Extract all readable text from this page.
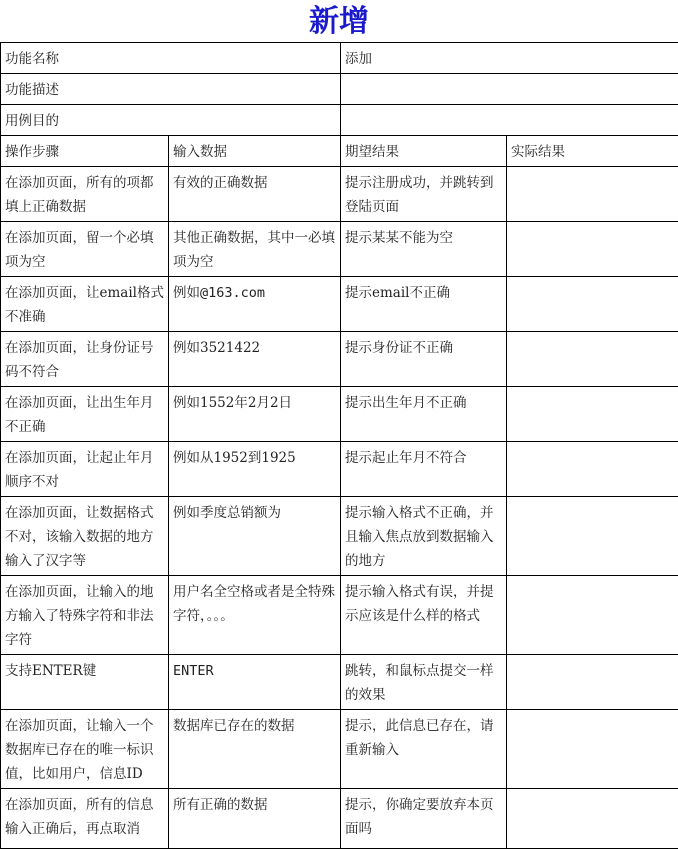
新增
功能名称		添加	
功能描述			
用例目的			
操作步骤	输入数据	期望结果	实际结果
在添加页面，所有的项都填上正确数据	有效的正确数据	提示注册成功，并跳转到登陆页面	
在添加页面，留一个必填项为空	其他正确数据，其中一必填项为空	提示某某不能为空	
在添加页面，让email格式不准确	例如@163.com	提示email不正确	
在添加页面，让身份证号码不符合	例如3521422	提示身份证不正确	
在添加页面，让出生年月不正确	例如1552年2月2日	提示出生年月不正确	
在添加页面，让起止年月顺序不对	例如从1952到1925	提示起止年月不符合	
在添加页面，让数据格式不对，该输入数据的地方输入了汉字等	例如季度总销额为	提示输入格式不正确，并且输入焦点放到数据输入的地方	
在添加页面，让输入的地方输入了特殊字符和非法字符	用户名全空格或者是全特殊字符，。。。	提示输入格式有误，并提示应该是什么样的格式	
支持ENTER键	ENTER	跳转，和鼠标点提交一样的效果	
在添加页面，让输入一个数据库已存在的唯一标识值，比如用户，信息ID	数据库已存在的数据	提示，此信息已存在，请重新输入	
在添加页面，所有的信息输入正确后，再点取消	所有正确的数据	提示，你确定要放弃本页面吗	
